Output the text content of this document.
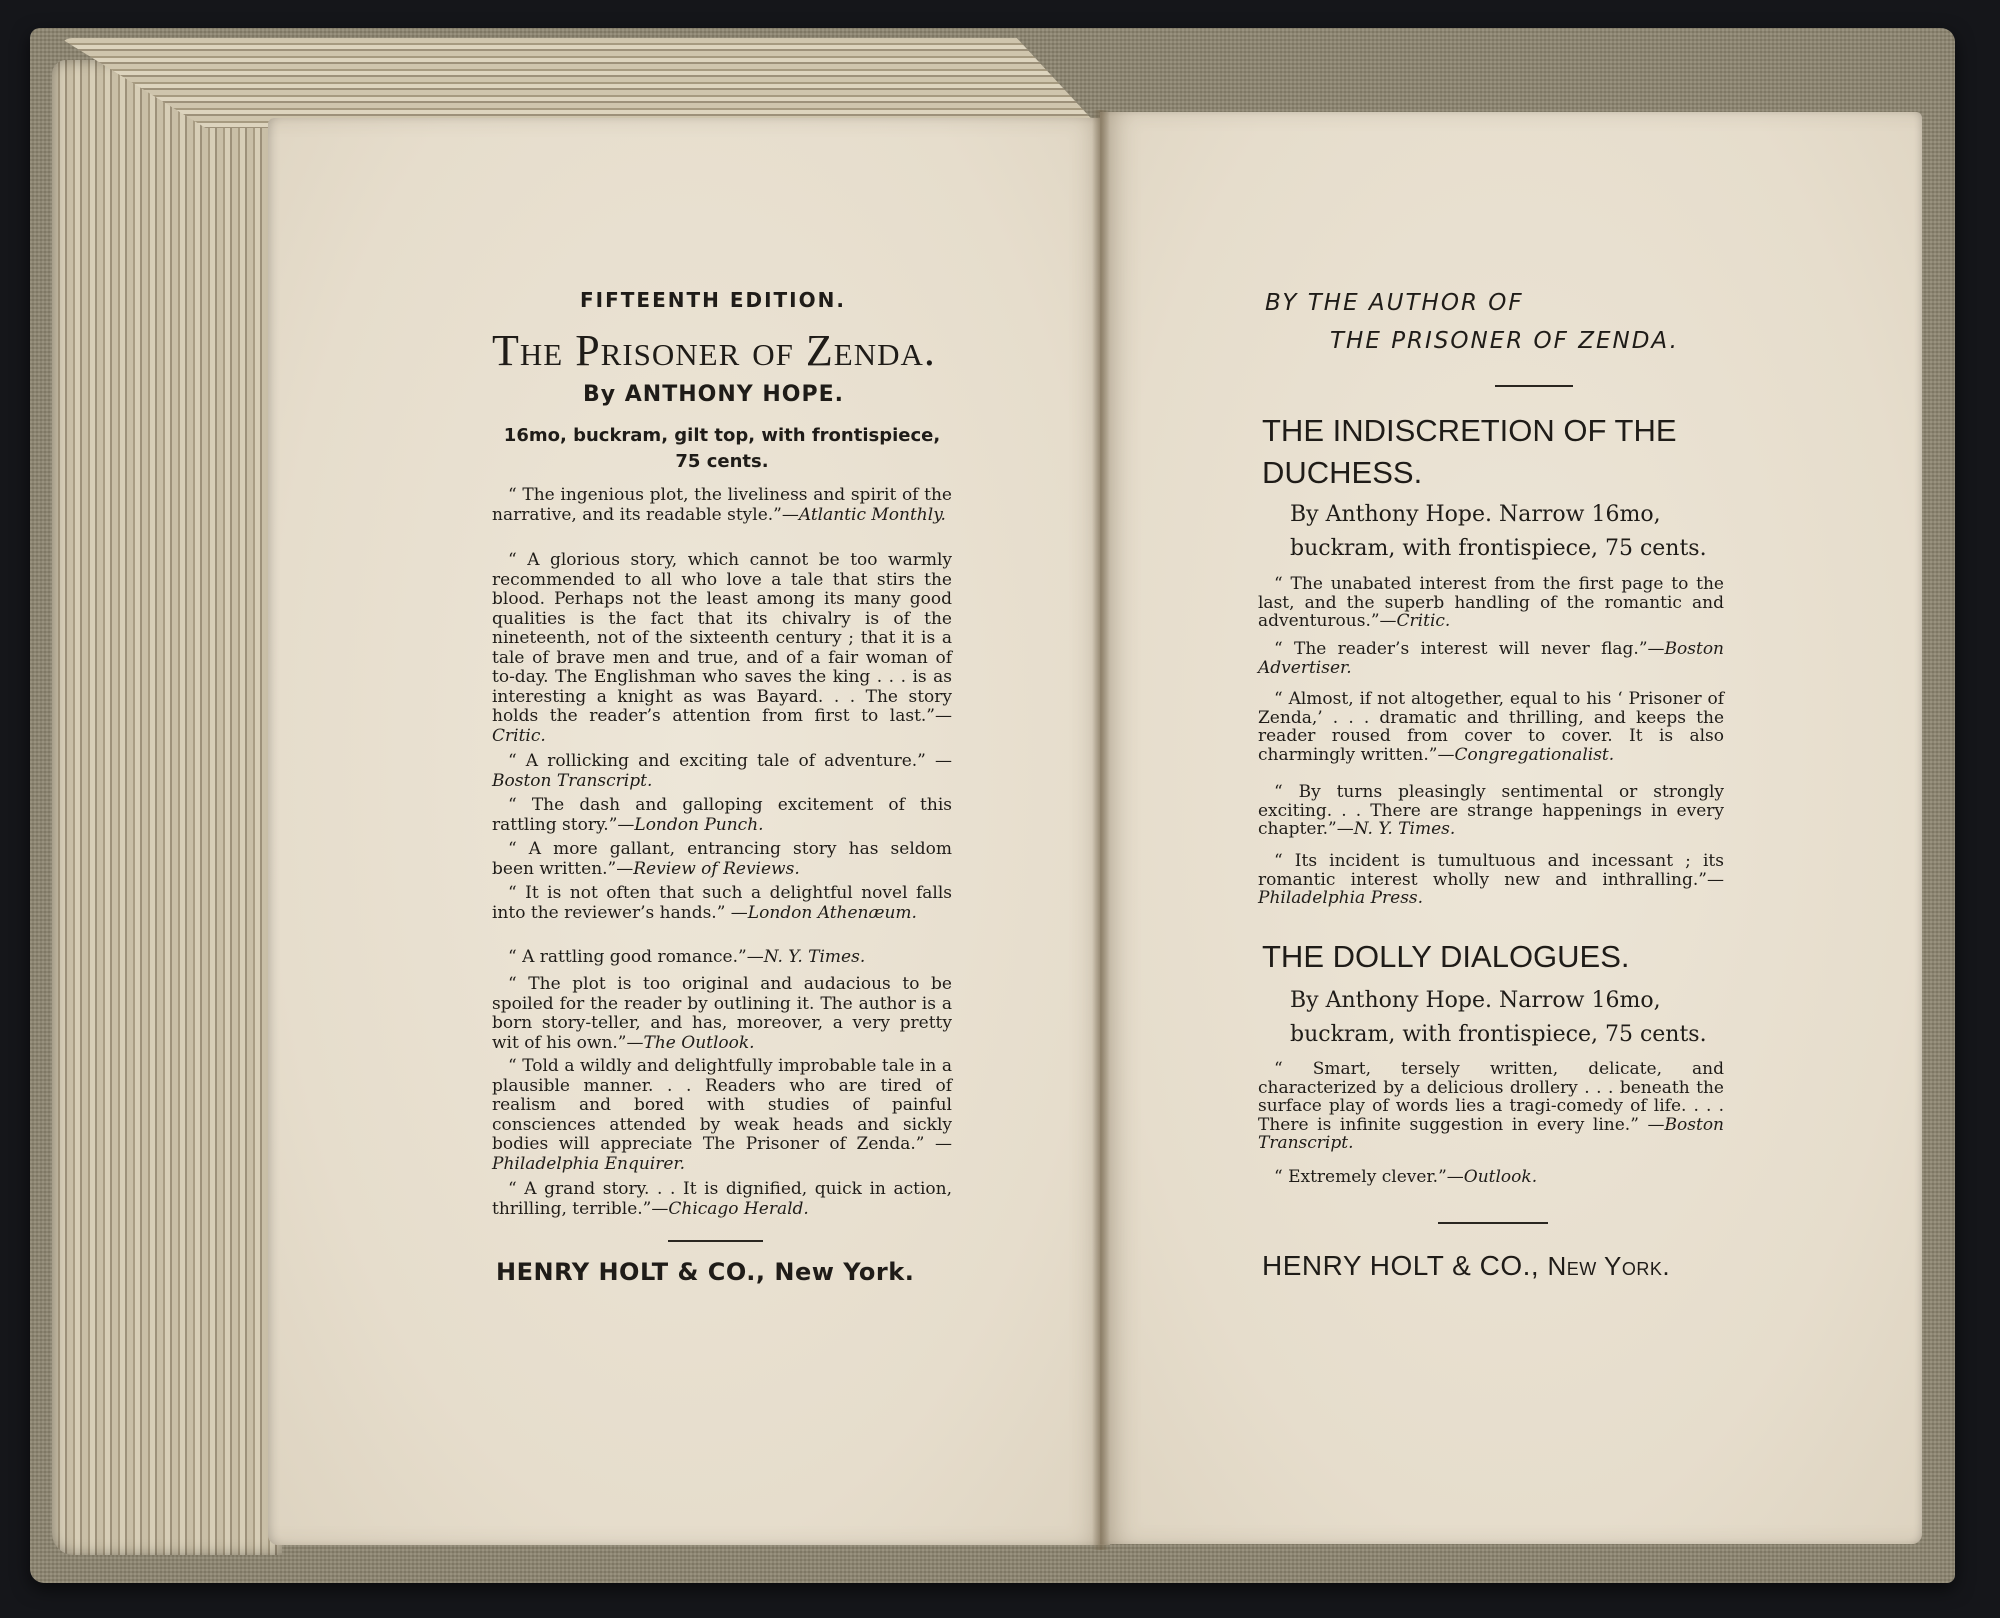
FIFTEENTH EDITION.
The Prisoner of Zenda.
By ANTHONY HOPE.
16mo, buckram, gilt top, with frontispiece, 75 cents.
“ The ingenious plot, the liveliness and spirit of the narrative, and its readable style.”—Atlantic Monthly.
“ A glorious story, which cannot be too warmly recommended to all who love a tale that stirs the blood. Perhaps not the least among its many good qualities is the fact that its chivalry is of the nineteenth, not of the sixteenth century ; that it is a tale of brave men and true, and of a fair woman of to-day. The Englishman who saves the king . . . is as interesting a knight as was Bayard. . . The story holds the reader’s attention from first to last.”—Critic.
“ A rollicking and exciting tale of adventure.” —Boston Transcript.
“ The dash and galloping excitement of this rattling story.”—London Punch.
“ A more gallant, entrancing story has seldom been written.”—Review of Reviews.
“ It is not often that such a delightful novel falls into the reviewer’s hands.” —London Athenæum.
“ A rattling good romance.”—N. Y. Times.
“ The plot is too original and audacious to be spoiled for the reader by outlining it. The author is a born story-teller, and has, moreover, a very pretty wit of his own.”—The Outlook.
“ Told a wildly and delightfully improbable tale in a plausible manner. . . Readers who are tired of realism and bored with studies of painful consciences attended by weak heads and sickly bodies will appreciate The Prisoner of Zenda.” —Philadelphia Enquirer.
“ A grand story. . . It is dignified, quick in action, thrilling, terrible.”—Chicago Herald.
HENRY HOLT & CO., New York.
BY THE AUTHOR OF
THE PRISONER OF ZENDA.
THE INDISCRETION OF THE DUCHESS.
By Anthony Hope. Narrow 16mo, buckram, with frontispiece, 75 cents.
“ The unabated interest from the first page to the last, and the superb handling of the romantic and adventurous.”—Critic.
“ The reader’s interest will never flag.”—Boston Advertiser.
“ Almost, if not altogether, equal to his ‘ Prisoner of Zenda,’ . . . dramatic and thrilling, and keeps the reader roused from cover to cover. It is also charmingly written.”—Congregationalist.
“ By turns pleasingly sentimental or strongly exciting. . . There are strange happenings in every chapter.”—N. Y. Times.
“ Its incident is tumultuous and incessant ; its romantic interest wholly new and inthralling.”—Philadelphia Press.
THE DOLLY DIALOGUES.
By Anthony Hope. Narrow 16mo, buckram, with frontispiece, 75 cents.
“ Smart, tersely written, delicate, and characterized by a delicious drollery . . . beneath the surface play of words lies a tragi-comedy of life. . . . There is infinite suggestion in every line.” —Boston Transcript.
“ Extremely clever.”—Outlook.
HENRY HOLT & CO., New York.
